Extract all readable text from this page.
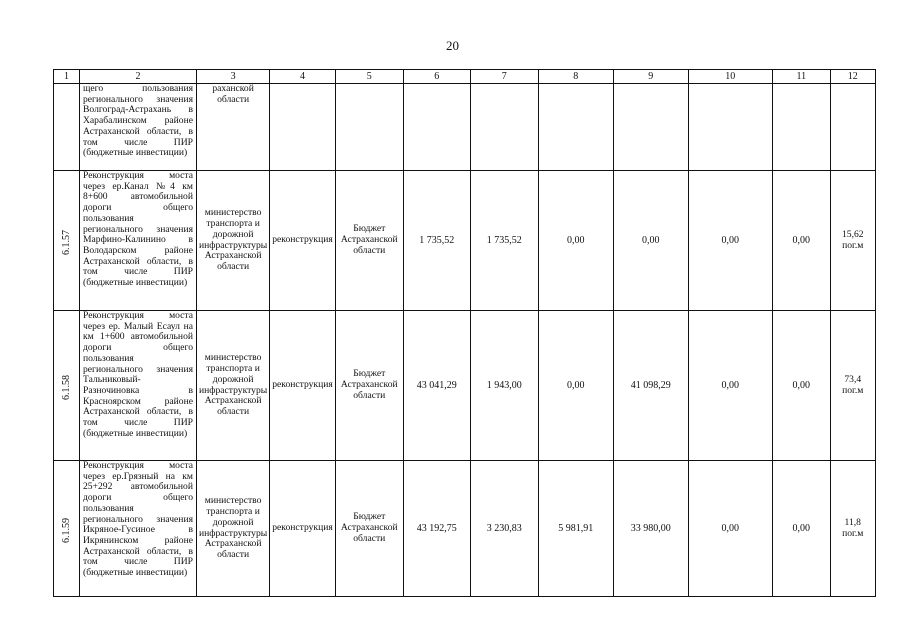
20
1	2	3	4	5	6	7	8	9	10	11	12
	щего пользования регионального значения Волгоград-Астрахань в Харабалинском районе Астраханской области, в том числе ПИР (бюджетные инвестиции)	раханской области									
6.1.57	Реконструкция моста через ер.Канал №4 км 8+600 автомобильной дороги общего пользования регионального значения Марфино-Калинино в Володарском районе Астраханской области, в том числе ПИР (бюджетные инвестиции)	министерство транспорта и дорожной инфраструктуры Астраханской области	реконструкция	Бюджет Астраханской области	1 735,52	1 735,52	0,00	0,00	0,00	0,00	15,62 пог.м
6.1.58	Реконструкция моста через ер. Малый Есаул на км 1+600 автомобильной дороги общего пользования регионального значения Тальниковый-Разночиновка в Красноярском районе Астраханской области, в том числе ПИР (бюджетные инвестиции)	министерство транспорта и дорожной инфраструктуры Астраханской области	реконструкция	Бюджет Астраханской области	43 041,29	1 943,00	0,00	41 098,29	0,00	0,00	73,4 пог.м
6.1.59	Реконструкция моста через ер.Грязный на км 25+292 автомобильной дороги общего пользования регионального значения Икряное-Гусиное в Икрянинском районе Астраханской области, в том числе ПИР (бюджетные инвестиции)	министерство транспорта и дорожной инфраструктуры Астраханской области	реконструкция	Бюджет Астраханской области	43 192,75	3 230,83	5 981,91	33 980,00	0,00	0,00	11,8 пог.м
